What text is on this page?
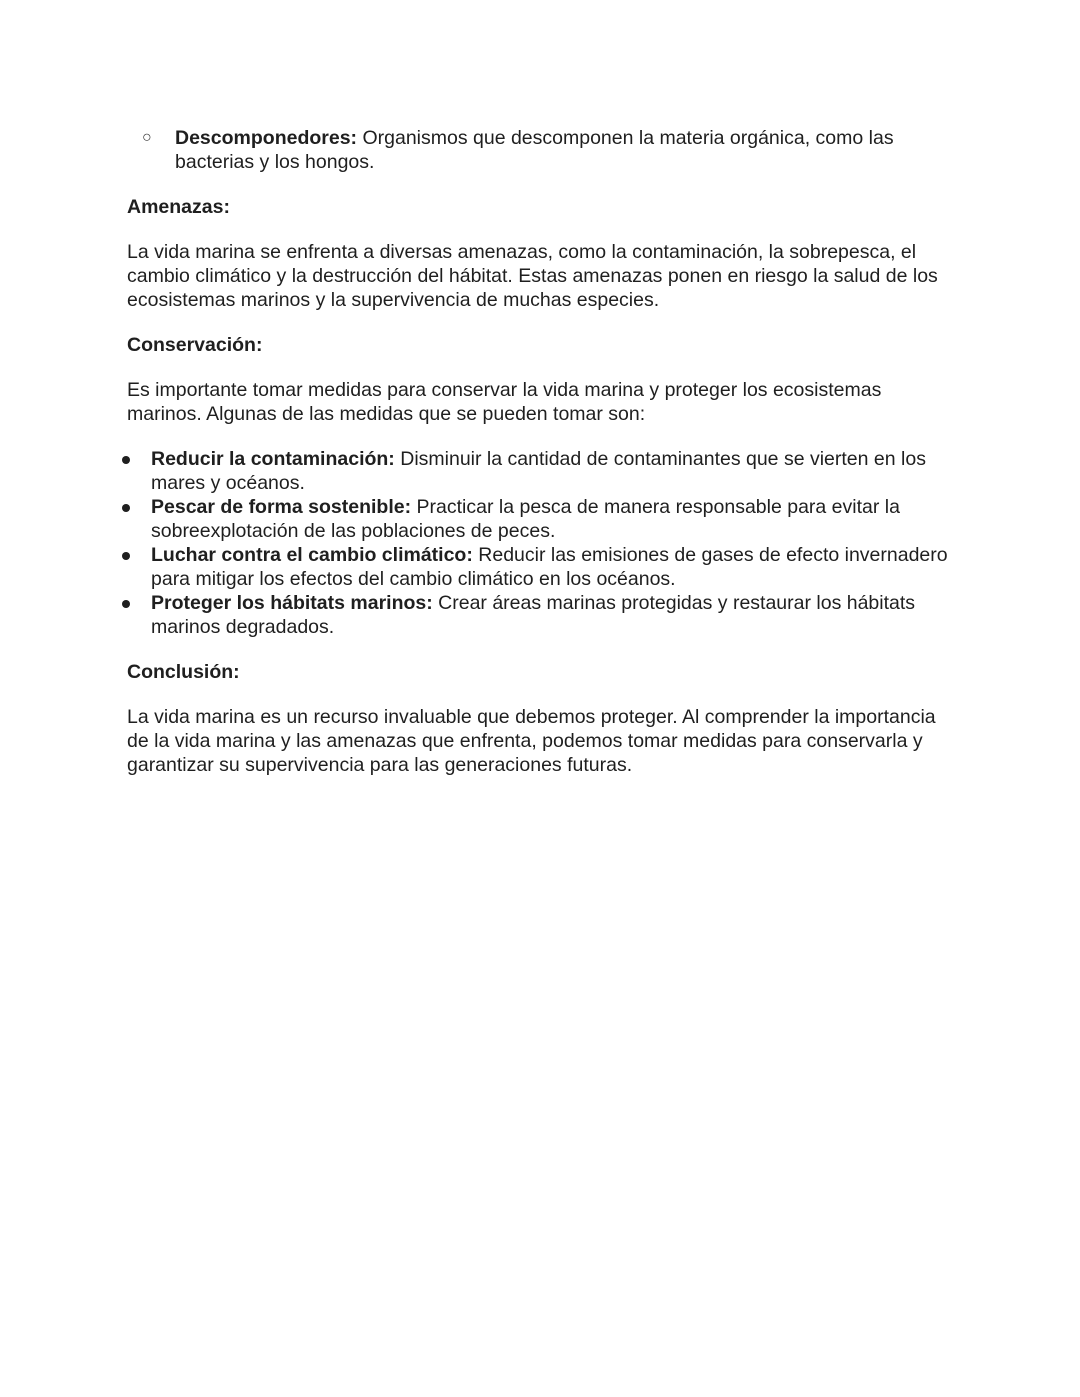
○ Descomponedores: Organismos que descomponen la materia orgánica, como las bacterias y los hongos.

Amenazas:

La vida marina se enfrenta a diversas amenazas, como la contaminación, la sobrepesca, el cambio climático y la destrucción del hábitat. Estas amenazas ponen en riesgo la salud de los ecosistemas marinos y la supervivencia de muchas especies.

Conservación:

Es importante tomar medidas para conservar la vida marina y proteger los ecosistemas marinos. Algunas de las medidas que se pueden tomar son:

Reducir la contaminación: Disminuir la cantidad de contaminantes que se vierten en los mares y océanos.
Pescar de forma sostenible: Practicar la pesca de manera responsable para evitar la sobreexplotación de las poblaciones de peces.
Luchar contra el cambio climático: Reducir las emisiones de gases de efecto invernadero para mitigar los efectos del cambio climático en los océanos.
Proteger los hábitats marinos: Crear áreas marinas protegidas y restaurar los hábitats marinos degradados.

Conclusión:

La vida marina es un recurso invaluable que debemos proteger. Al comprender la importancia de la vida marina y las amenazas que enfrenta, podemos tomar medidas para conservarla y garantizar su supervivencia para las generaciones futuras.
